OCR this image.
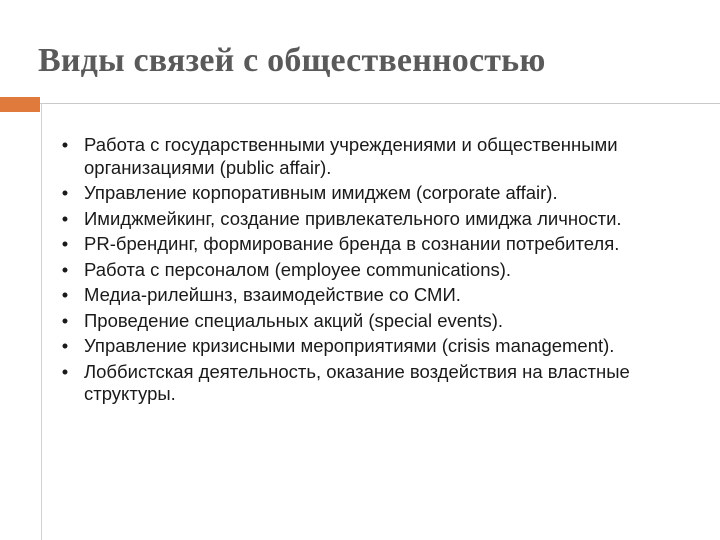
Виды связей с общественностью
• Работа с государственными учреждениями и общественными организациями (public affair).
• Управление корпоративным имиджем (corporate affair).
• Имиджмейкинг, создание привлекательного имиджа личности.
• PR-брендинг, формирование бренда в сознании потребителя.
• Работа с персоналом (employee communications).
• Медиа-рилейшнз, взаимодействие со СМИ.
• Проведение специальных акций (special events).
• Управление кризисными мероприятиями (crisis management).
• Лоббистская деятельность, оказание воздействия на властные структуры.
